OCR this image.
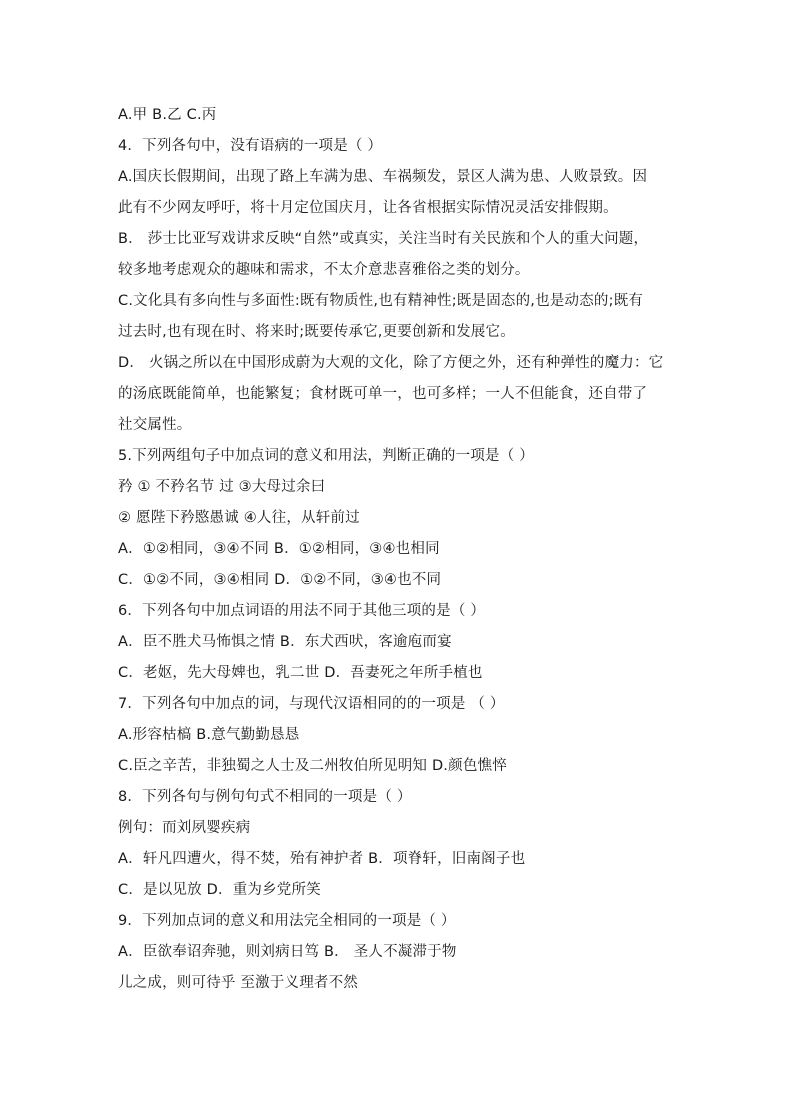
A.甲 B.乙 C.丙
4．下列各句中，没有语病的一项是（ ）
A.国庆长假期间，出现了路上车满为患、车祸频发，景区人满为患、人败景致。因
此有不少网友呼吁，将十月定位国庆月，让各省根据实际情况灵活安排假期。
B． 莎士比亚写戏讲求反映“自然”或真实，关注当时有关民族和个人的重大问题，
较多地考虑观众的趣味和需求，不太介意悲喜雅俗之类的划分。
C.文化具有多向性与多面性:既有物质性,也有精神性;既是固态的,也是动态的;既有
过去时,也有现在时、将来时;既要传承它,更要创新和发展它。
D． 火锅之所以在中国形成蔚为大观的文化，除了方便之外，还有种弹性的魔力：它
的汤底既能简单，也能繁复；食材既可单一，也可多样；一人不但能食，还自带了
社交属性。
5.下列两组句子中加点词的意义和用法，判断正确的一项是（ ）
矜 ① 不矜名节 过 ③大母过余曰
② 愿陛下矜愍愚诚 ④人往，从轩前过
A．①②相同，③④不同 B．①②相同，③④也相同
C．①②不同，③④相同 D．①②不同，③④也不同
6．下列各句中加点词语的用法不同于其他三项的是（ ）
A．臣不胜犬马怖惧之情 B．东犬西吠，客逾庖而宴
C．老妪，先大母婢也，乳二世 D．吾妻死之年所手植也
7．下列各句中加点的词，与现代汉语相同的的一项是 （ ）
A.形容枯槁 B.意气勤勤恳恳
C.臣之辛苦，非独蜀之人士及二州牧伯所见明知 D.颜色憔悴
8．下列各句与例句句式不相同的一项是（ ）
例句：而刘夙婴疾病
A．轩凡四遭火，得不焚，殆有神护者 B．项脊轩，旧南阁子也
C．是以见放 D．重为乡党所笑
9．下列加点词的意义和用法完全相同的一项是（ ）
A．臣欲奉诏奔驰，则刘病日笃 B． 圣人不凝滞于物
儿之成，则可待乎 至激于义理者不然
